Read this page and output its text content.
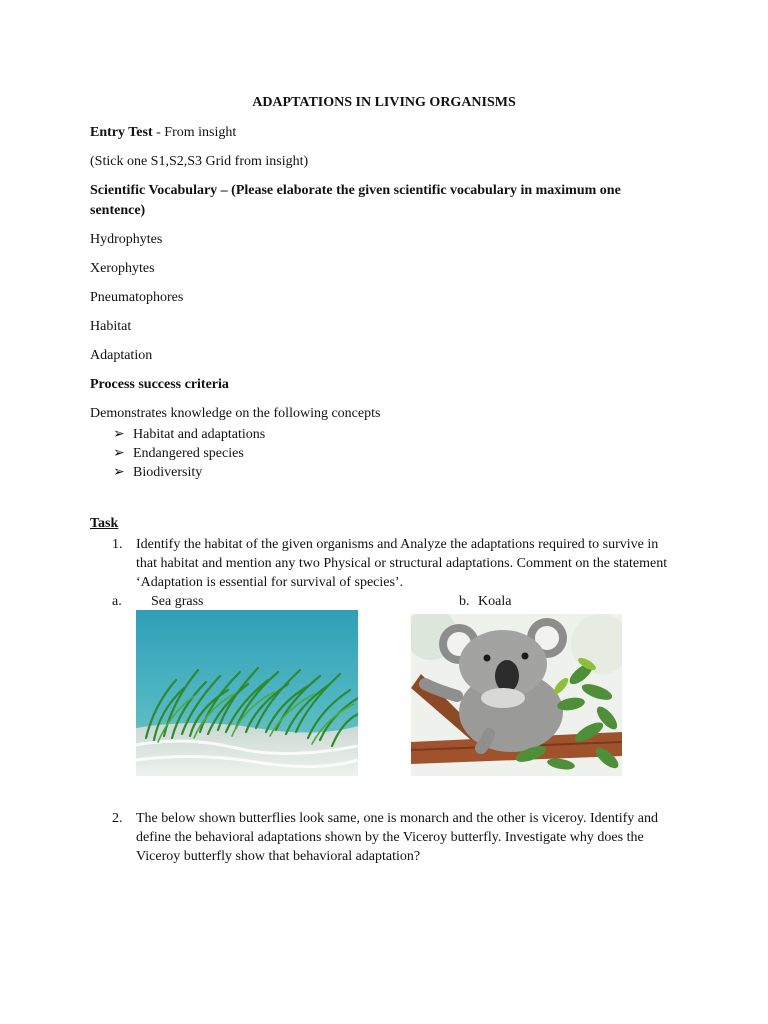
ADAPTATIONS IN LIVING ORGANISMS
Entry Test - From insight
(Stick one S1,S2,S3 Grid from insight)
Scientific Vocabulary – (Please elaborate the given scientific vocabulary in maximum one
sentence)
Hydrophytes
Xerophytes
Pneumatophores
Habitat
Adaptation
Process success criteria
Demonstrates knowledge on the following concepts
➢ Habitat and adaptations
➢ Endangered species
➢ Biodiversity
Task
1. Identify the habitat of the given organisms and Analyze the adaptations required to survive in that habitat and mention any two Physical or structural adaptations. Comment on the statement ‘Adaptation is essential for survival of species’.
a. Sea grass	b. Koala
2. The below shown butterflies look same, one is monarch and the other is viceroy. Identify and define the behavioral adaptations shown by the Viceroy butterfly. Investigate why does the Viceroy butterfly show that behavioral adaptation?
